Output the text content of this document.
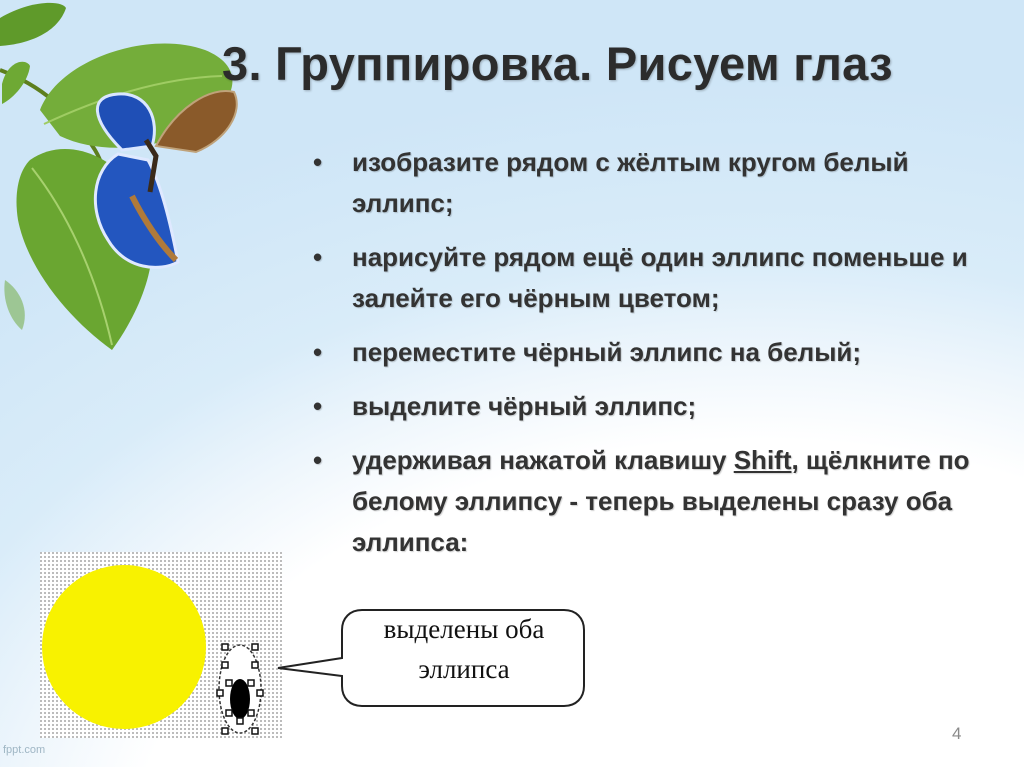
3. Группировка. Рисуем глаз
• изобразите рядом с жёлтым кругом белый эллипс;
• нарисуйте рядом ещё один эллипс поменьше и залейте его чёрным цветом;
• переместите чёрный эллипс на белый;
• выделите чёрный эллипс;
• удерживая нажатой клавишу Shift, щёлкните по белому эллипсу - теперь выделены сразу оба эллипса:
выделены оба
эллипса
fppt.com
4
